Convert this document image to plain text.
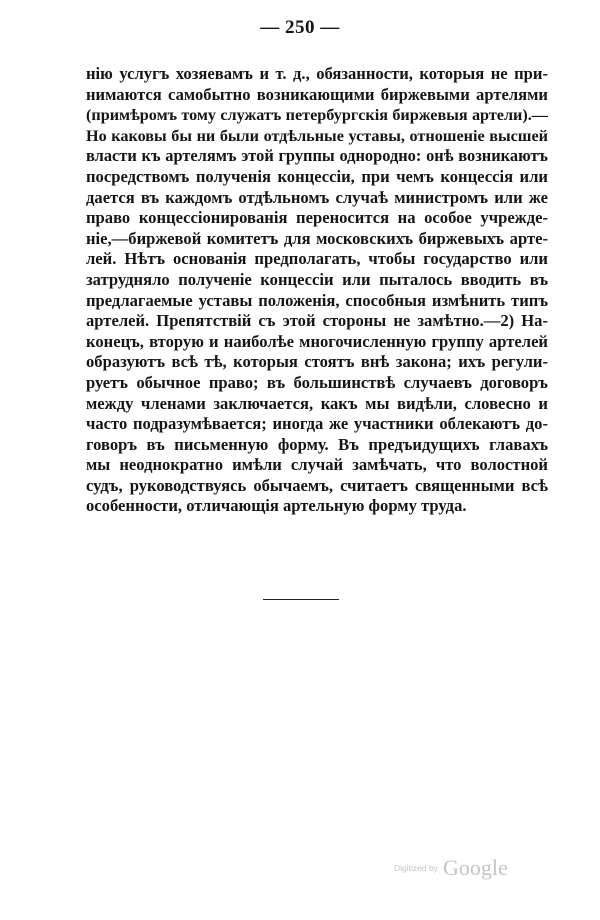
— 250 —
нію услугъ хозяевамъ и т. д., обязанности, которыя не при-
нимаются самобытно возникающими биржевыми артелями
(примѣромъ тому служатъ петербургскія биржевыя артели).—
Но каковы бы ни были отдѣльные уставы, отношеніе высшей
власти къ артелямъ этой группы однородно: онѣ возникаютъ
посредствомъ полученія концессіи, при чемъ концессія или
дается въ каждомъ отдѣльномъ случаѣ министромъ или же
право концессіонированія переносится на особое учрежде-
ніе,—биржевой комитетъ для московскихъ биржевыхъ арте-
лей. Нѣтъ основанія предполагать, чтобы государство или
затрудняло полученіе концессіи или пыталось вводить въ
предлагаемые уставы положенія, способныя измѣнить типъ
артелей. Препятствій съ этой стороны не замѣтно.—2) На-
конецъ, вторую и наиболѣе многочисленную группу артелей
образуютъ всѣ тѣ, которыя стоятъ внѣ закона; ихъ регули-
руетъ обычное право; въ большинствѣ случаевъ договоръ
между членами заключается, какъ мы видѣли, словесно и
часто подразумѣвается; иногда же участники облекаютъ до-
говоръ въ письменную форму. Въ предъидущихъ главахъ
мы неоднократно имѣли случай замѣчать, что волостной
судъ, руководствуясь обычаемъ, считаетъ священными всѣ
особенности, отличающія артельную форму труда.
Digitized by Google
